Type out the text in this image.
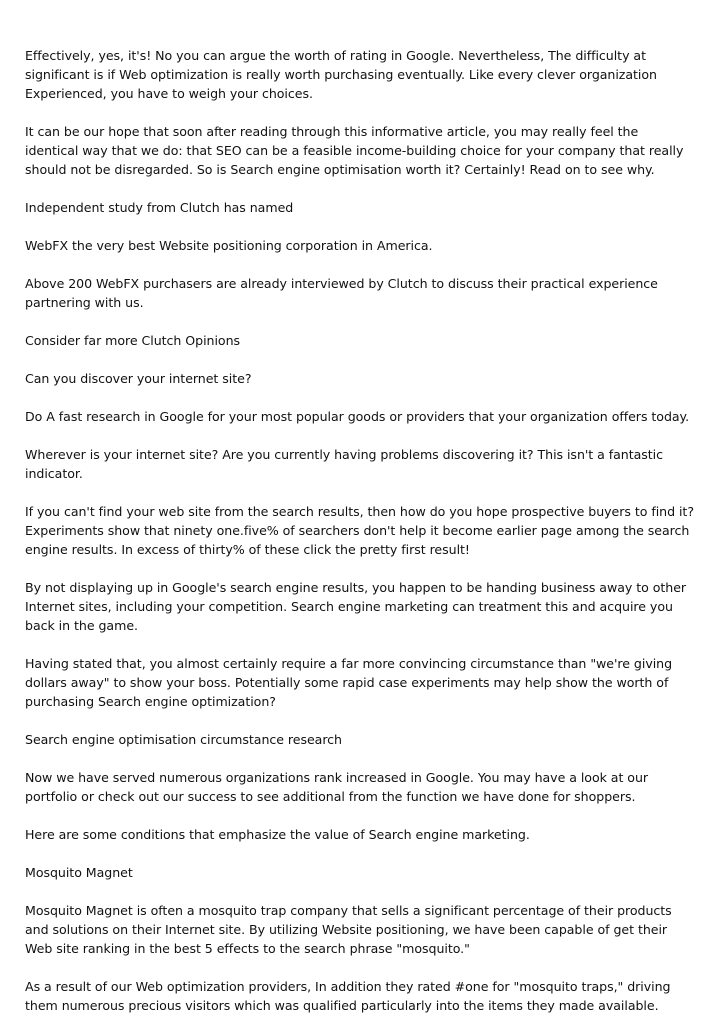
Effectively, yes, it's! No you can argue the worth of rating in Google. Nevertheless, The difficulty at significant is if Web optimization is really worth purchasing eventually. Like every clever organization Experienced, you have to weigh your choices.

It can be our hope that soon after reading through this informative article, you may really feel the identical way that we do: that SEO can be a feasible income-building choice for your company that really should not be disregarded. So is Search engine optimisation worth it? Certainly! Read on to see why.

Independent study from Clutch has named

WebFX the very best Website positioning corporation in America.

Above 200 WebFX purchasers are already interviewed by Clutch to discuss their practical experience partnering with us.

Consider far more Clutch Opinions

Can you discover your internet site?

Do A fast research in Google for your most popular goods or providers that your organization offers today.

Wherever is your internet site? Are you currently having problems discovering it? This isn't a fantastic indicator.

If you can't find your web site from the search results, then how do you hope prospective buyers to find it? Experiments show that ninety one.five% of searchers don't help it become earlier page among the search engine results. In excess of thirty% of these click the pretty first result!

By not displaying up in Google's search engine results, you happen to be handing business away to other Internet sites, including your competition. Search engine marketing can treatment this and acquire you back in the game.

Having stated that, you almost certainly require a far more convincing circumstance than "we're giving dollars away" to show your boss. Potentially some rapid case experiments may help show the worth of purchasing Search engine optimization?

Search engine optimisation circumstance research

Now we have served numerous organizations rank increased in Google. You may have a look at our portfolio or check out our success to see additional from the function we have done for shoppers.

Here are some conditions that emphasize the value of Search engine marketing.

Mosquito Magnet

Mosquito Magnet is often a mosquito trap company that sells a significant percentage of their products and solutions on their Internet site. By utilizing Website positioning, we have been capable of get their Web site ranking in the best 5 effects to the search phrase "mosquito."

As a result of our Web optimization providers, In addition they rated #one for "mosquito traps," driving them numerous precious visitors which was qualified particularly into the items they made available.
